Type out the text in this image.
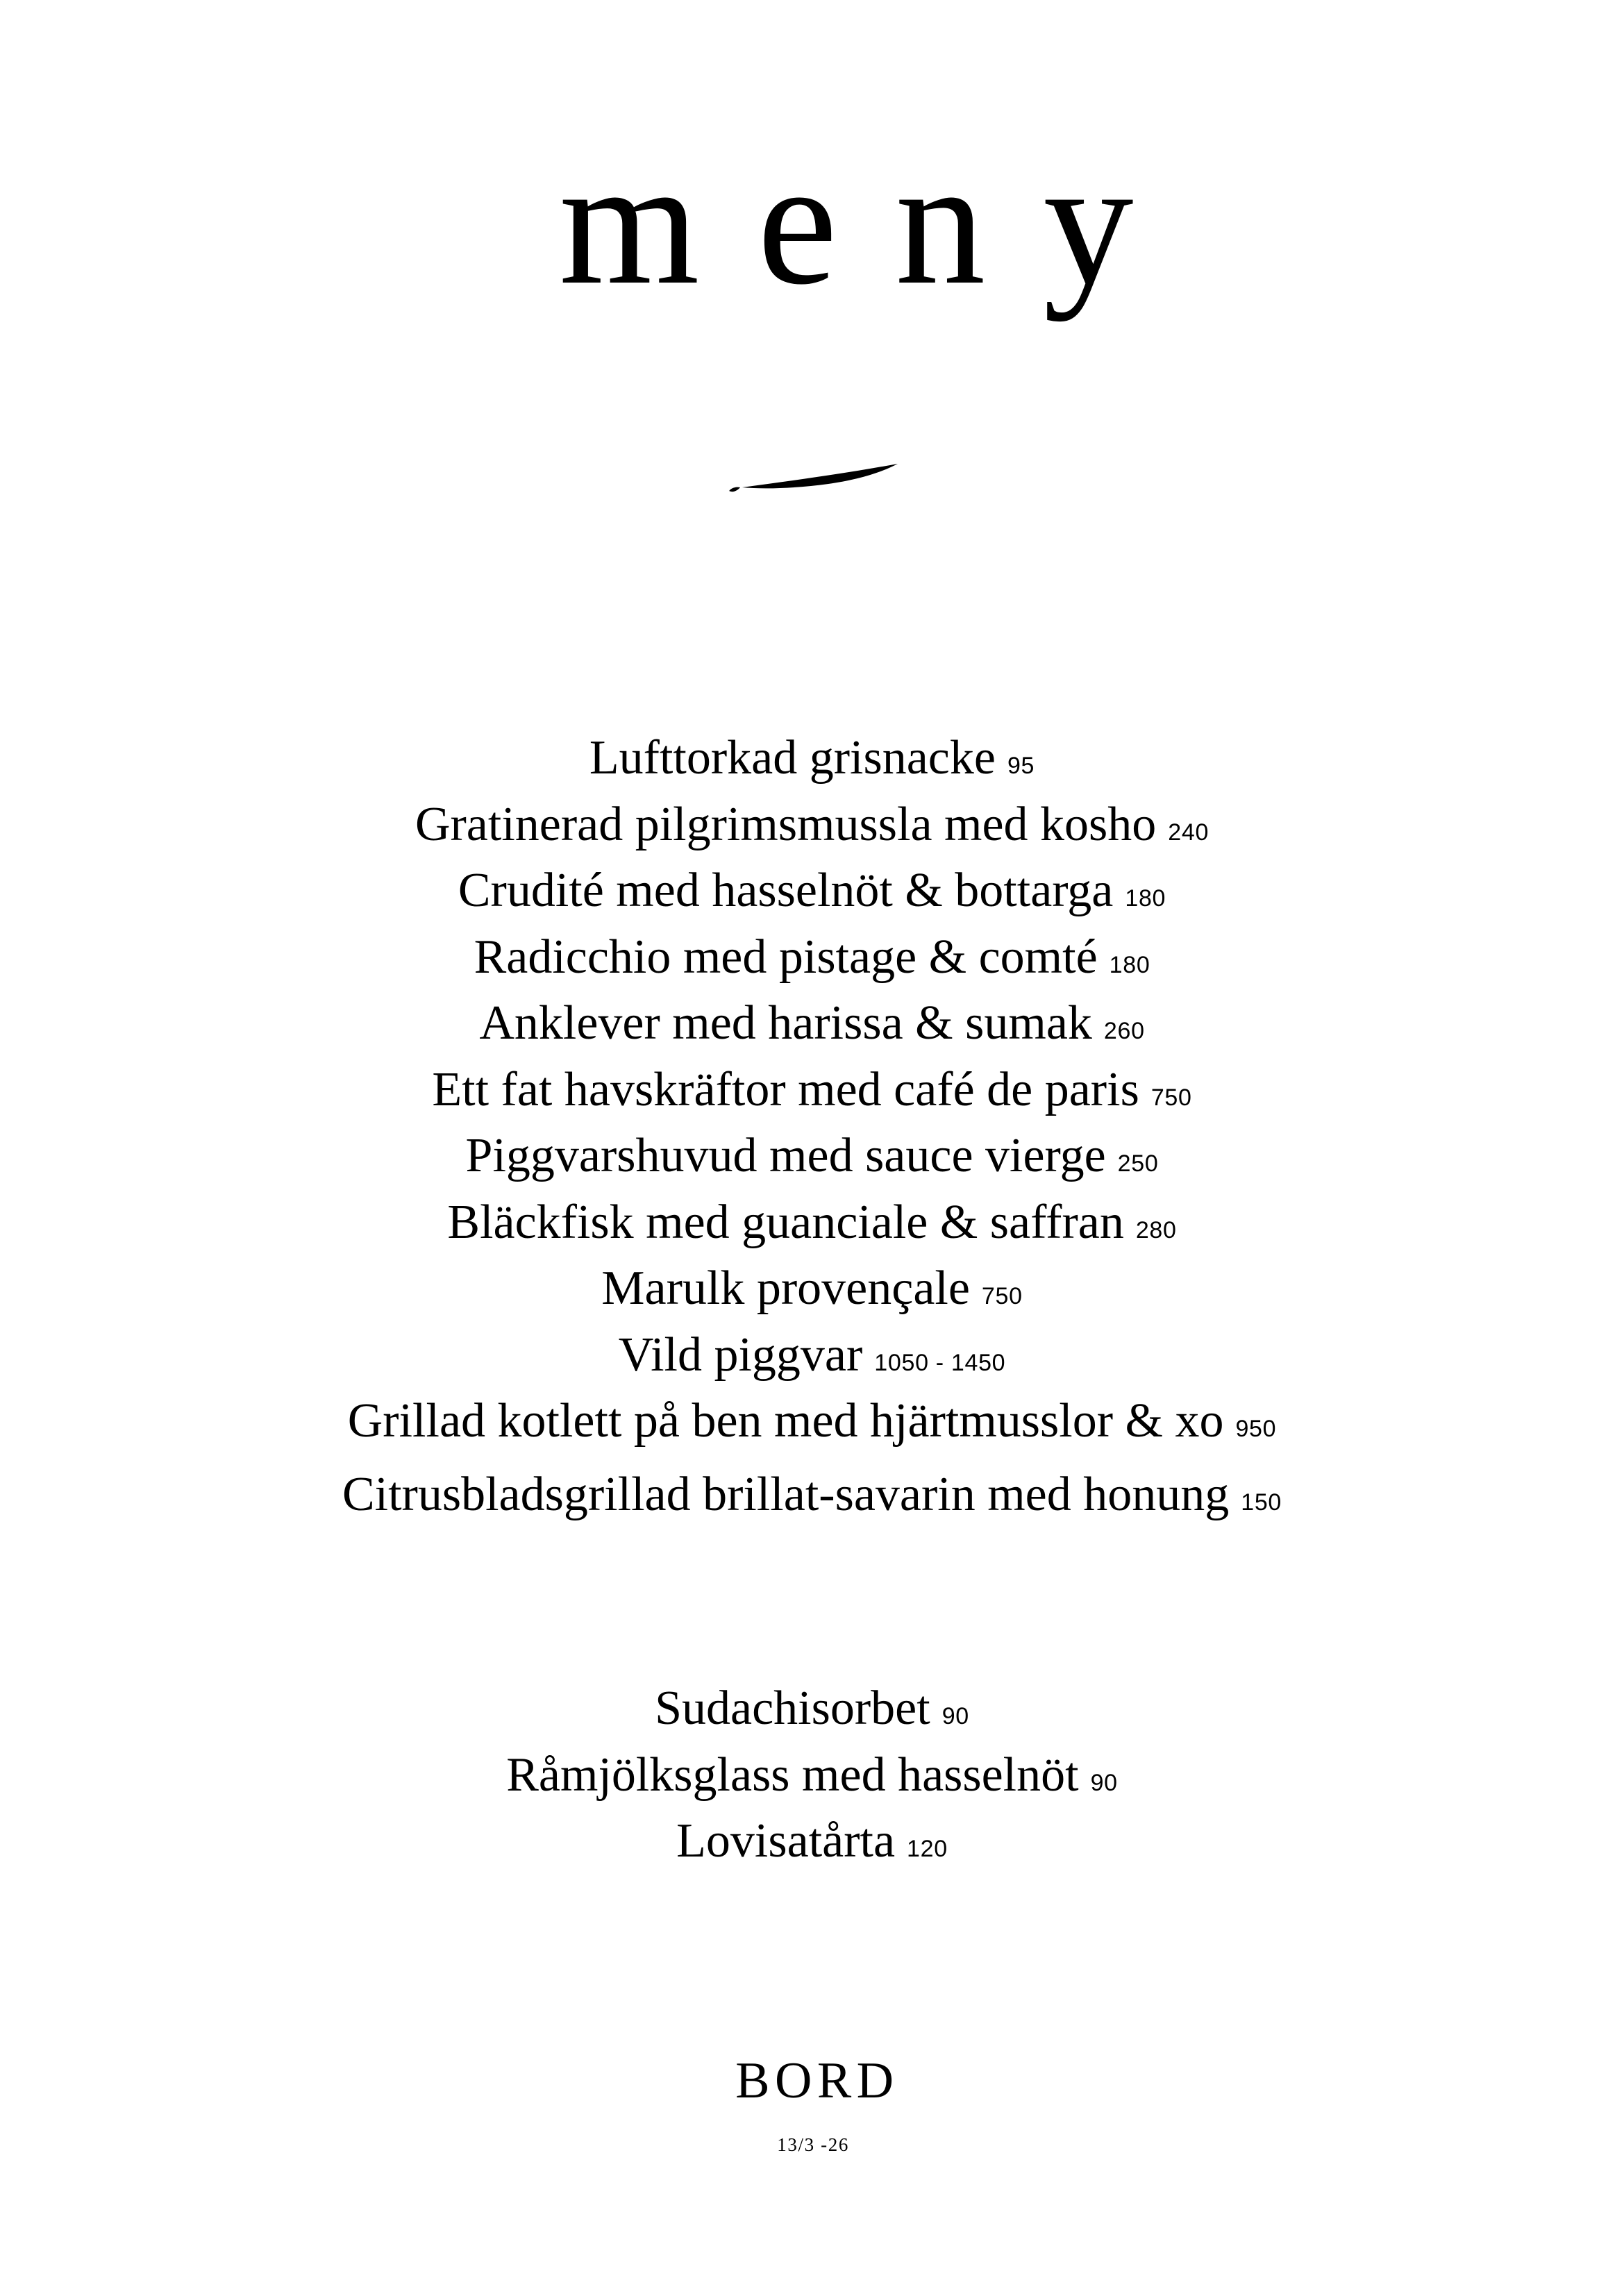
meny
Lufttorkad grisnacke 95
Gratinerad pilgrimsmussla med kosho 240
Crudité med hasselnöt & bottarga 180
Radicchio med pistage & comté 180
Anklever med harissa & sumak 260
Ett fat havskräftor med café de paris 750
Piggvarshuvud med sauce vierge 250
Bläckfisk med guanciale & saffran 280
Marulk provençale 750
Vild piggvar 1050 - 1450
Grillad kotlett på ben med hjärtmusslor & xo 950
Citrusbladsgrillad brillat-savarin med honung 150
Sudachisorbet 90
Råmjölksglass med hasselnöt 90
Lovisatårta 120
BORD
13/3 -26
